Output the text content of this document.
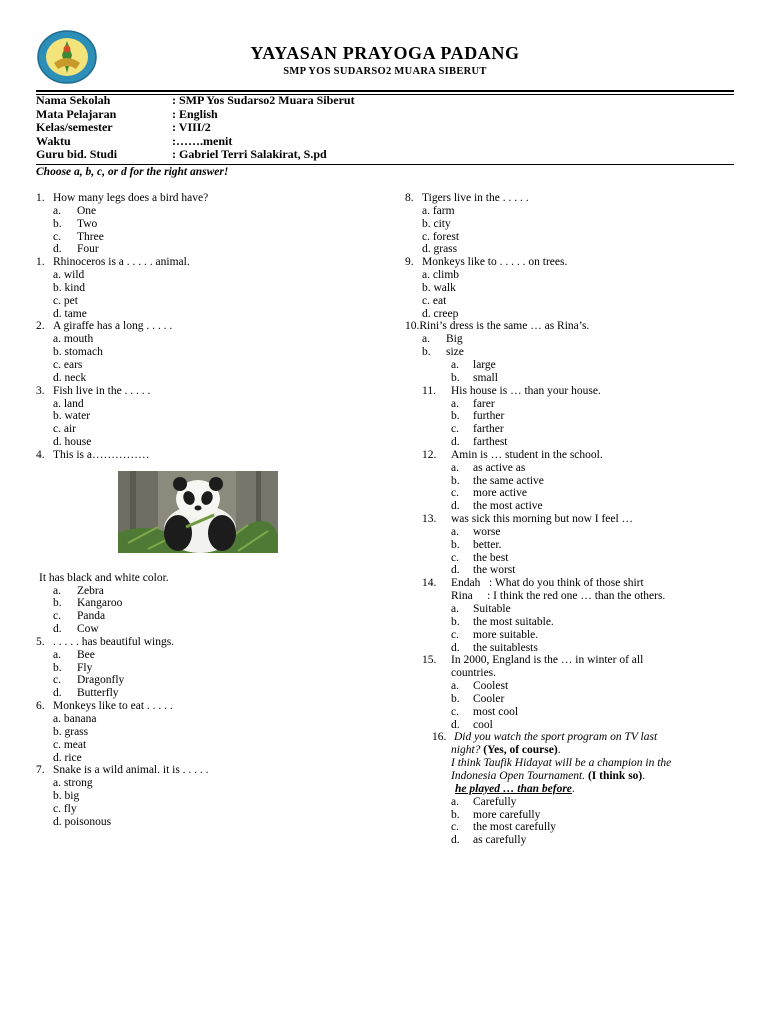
YAYASAN PRAYOGA PADANG
SMP YOS SUDARSO2 MUARA SIBERUT
Nama Sekolah	: SMP Yos Sudarso2 Muara Siberut
Mata Pelajaran	: English
Kelas/semester	: VIII/2
Waktu	:…….menit
Guru bid. Studi	: Gabriel Terri Salakirat, S.pd
Choose a, b, c, or d for the right answer!
1. How many legs does a bird have?
a. One
b. Two
c. Three
d. Four
1. Rhinoceros is a . . . . . animal.
a. wild
b. kind
c. pet
d. tame
2. A giraffe has a long . . . . .
a. mouth
b. stomach
c. ears
d. neck
3. Fish live in the . . . . .
a. land
b. water
c. air
d. house
4. This is a……………
It has black and white color.
a. Zebra
b. Kangaroo
c. Panda
d. Cow
5. . . . . . has beautiful wings.
a. Bee
b. Fly
c. Dragonfly
d. Butterfly
6. Monkeys like to eat . . . . .
a. banana
b. grass
c. meat
d. rice
7. Snake is a wild animal. it is . . . . .
a. strong
b. big
c. fly
d. poisonous
8. Tigers live in the . . . . .
a. farm
b. city
c. forest
d. grass
9. Monkeys like to . . . . . on trees.
a. climb
b. walk
c. eat
d. creep
10.Rini’s dress is the same … as Rina’s.
a. Big
b. size
a. large
b. small
11.	His house is … than your house.
a. farer
b. further
c. farther
d. farthest
12.	Amin is … student in the school.
a. as active as
b. the same active
c. more active
d. the most active
13.	was sick this morning but now I feel …
a. worse
b. better.
c. the best
d. the worst
14.	Endah   : What do you think of those shirt
Rina     : I think the red one … than the others.
a. Suitable
b. the most suitable.
c. more suitable.
d. the suitablests
15.	In 2000, England is the … in winter of all
countries.
a. Coolest
b. Cooler
c. most cool
d. cool
16. Did you watch the sport program on TV last
night? (Yes, of course).
I think Taufik Hidayat will be a champion in the
Indonesia Open Tournament. (I think so).
he played … than before.
a. Carefully
b. more carefully
c. the most carefully
d. as carefully
